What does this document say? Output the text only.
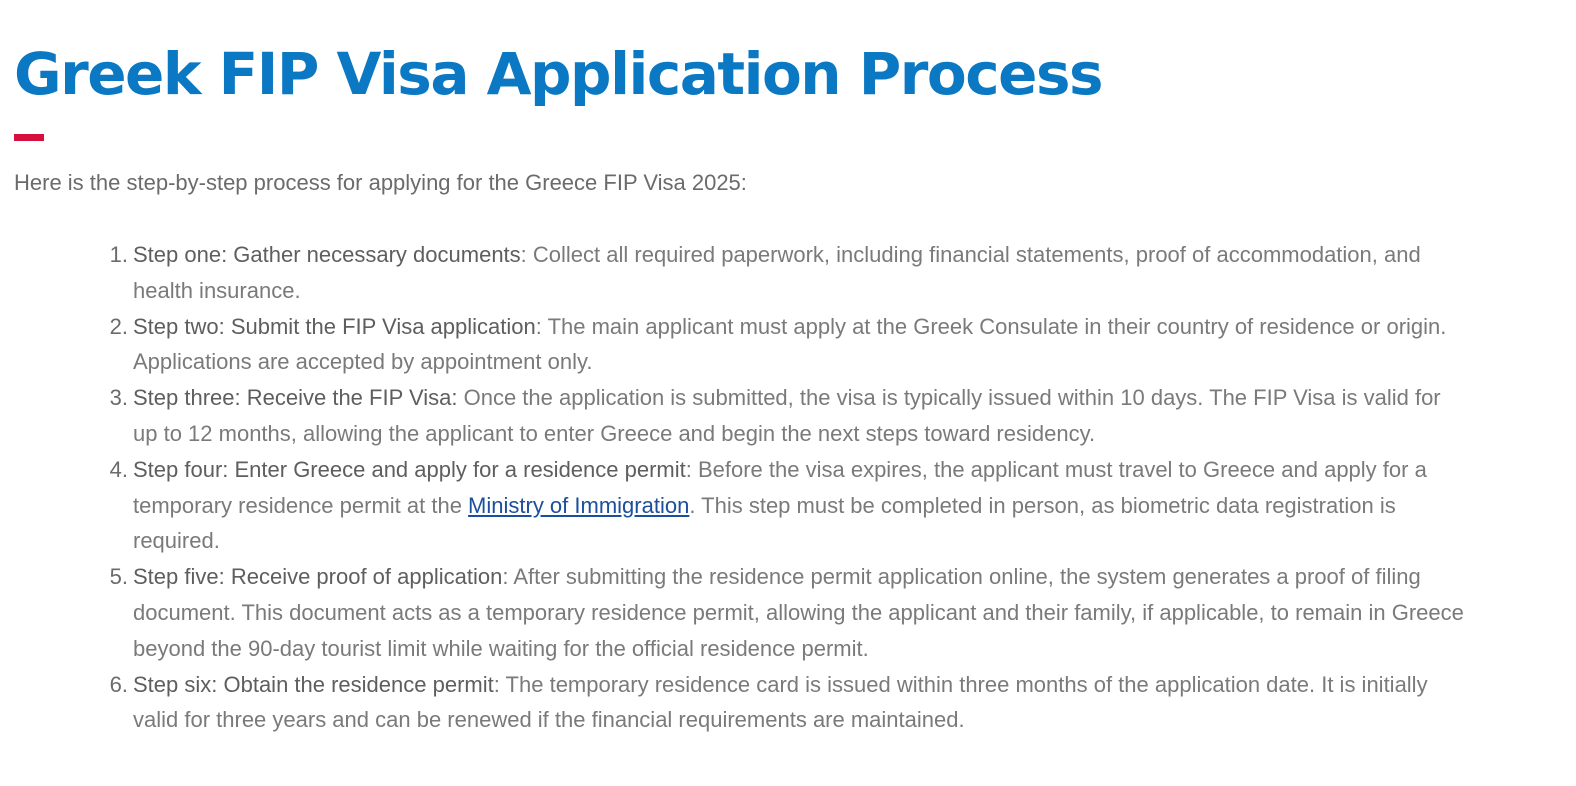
Greek FIP Visa Application Process

Here is the step-by-step process for applying for the Greece FIP Visa 2025:

1. Step one: Gather necessary documents: Collect all required paperwork, including financial statements, proof of accommodation, and health insurance.
2. Step two: Submit the FIP Visa application: The main applicant must apply at the Greek Consulate in their country of residence or origin. Applications are accepted by appointment only.
3. Step three: Receive the FIP Visa: Once the application is submitted, the visa is typically issued within 10 days. The FIP Visa is valid for up to 12 months, allowing the applicant to enter Greece and begin the next steps toward residency.
4. Step four: Enter Greece and apply for a residence permit: Before the visa expires, the applicant must travel to Greece and apply for a temporary residence permit at the Ministry of Immigration. This step must be completed in person, as biometric data registration is required.
5. Step five: Receive proof of application: After submitting the residence permit application online, the system generates a proof of filing document. This document acts as a temporary residence permit, allowing the applicant and their family, if applicable, to remain in Greece beyond the 90-day tourist limit while waiting for the official residence permit.
6. Step six: Obtain the residence permit: The temporary residence card is issued within three months of the application date. It is initially valid for three years and can be renewed if the financial requirements are maintained.
